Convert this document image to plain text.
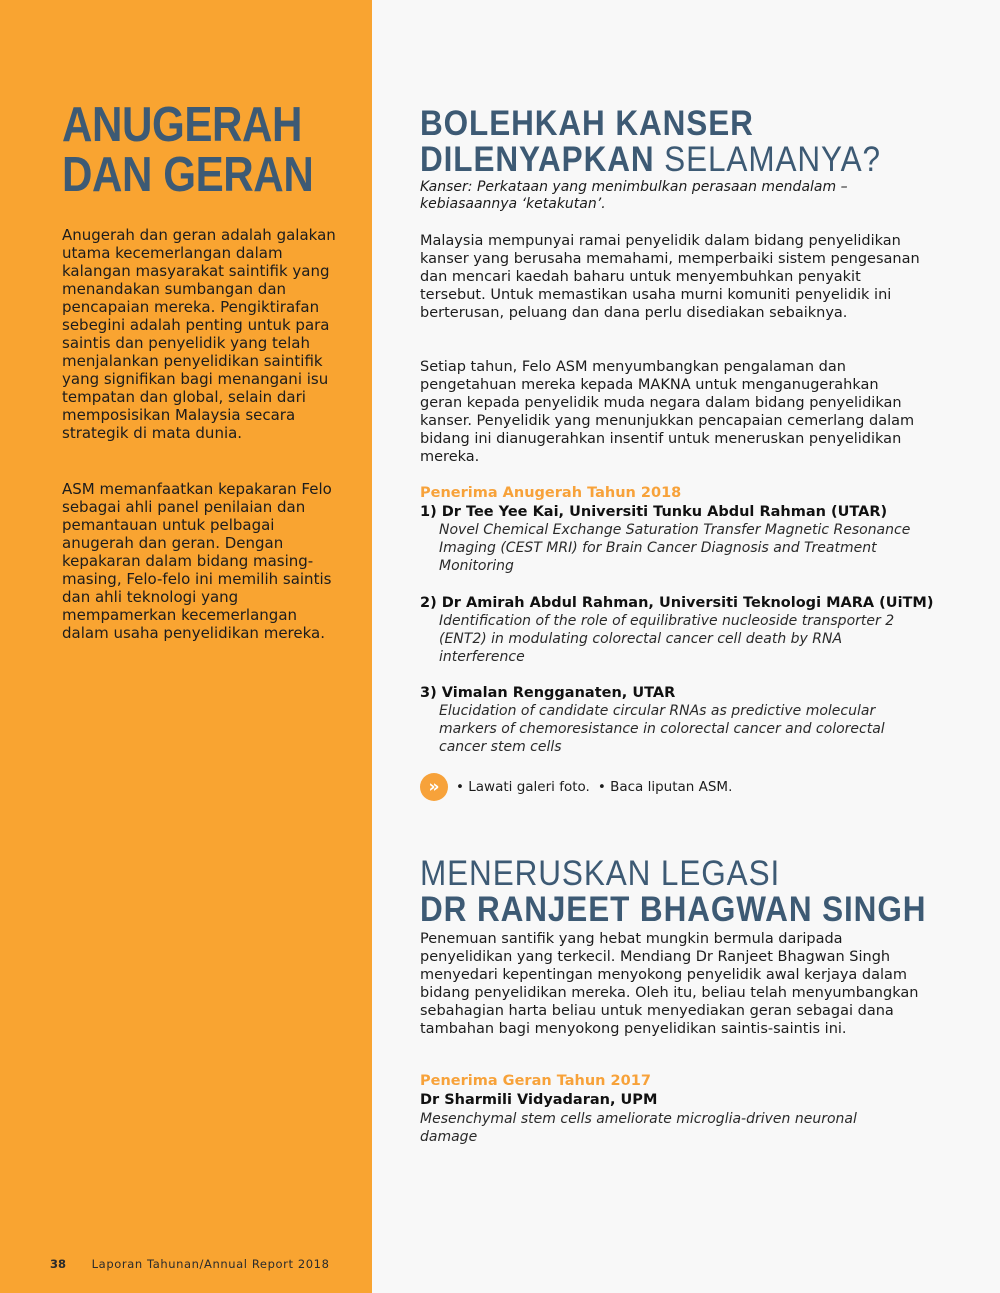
ANUGERAH
DAN GERAN

Anugerah dan geran adalah galakan utama kecemerlangan dalam kalangan masyarakat saintifik yang menandakan sumbangan dan pencapaian mereka. Pengiktirafan sebegini adalah penting untuk para saintis dan penyelidik yang telah menjalankan penyelidikan saintifik yang signifikan bagi menangani isu tempatan dan global, selain dari memposisikan Malaysia secara strategik di mata dunia.

ASM memanfaatkan kepakaran Felo sebagai ahli panel penilaian dan pemantauan untuk pelbagai anugerah dan geran. Dengan kepakaran dalam bidang masing-masing, Felo-felo ini memilih saintis dan ahli teknologi yang mempamerkan kecemerlangan dalam usaha penyelidikan mereka.

38 Laporan Tahunan/Annual Report 2018
BOLEHKAH KANSER
DILENYAPKAN SELAMANYA?

Kanser: Perkataan yang menimbulkan perasaan mendalam – kebiasaannya ‘ketakutan’.

Malaysia mempunyai ramai penyelidik dalam bidang penyelidikan kanser yang berusaha memahami, memperbaiki sistem pengesanan dan mencari kaedah baharu untuk menyembuhkan penyakit tersebut. Untuk memastikan usaha murni komuniti penyelidik ini berterusan, peluang dan dana perlu disediakan sebaiknya.

Setiap tahun, Felo ASM menyumbangkan pengalaman dan pengetahuan mereka kepada MAKNA untuk menganugerahkan geran kepada penyelidik muda negara dalam bidang penyelidikan kanser. Penyelidik yang menunjukkan pencapaian cemerlang dalam bidang ini dianugerahkan insentif untuk meneruskan penyelidikan mereka.

Penerima Anugerah Tahun 2018
1) Dr Tee Yee Kai, Universiti Tunku Abdul Rahman (UTAR)
Novel Chemical Exchange Saturation Transfer Magnetic Resonance Imaging (CEST MRI) for Brain Cancer Diagnosis and Treatment Monitoring
2) Dr Amirah Abdul Rahman, Universiti Teknologi MARA (UiTM)
Identification of the role of equilibrative nucleoside transporter 2 (ENT2) in modulating colorectal cancer cell death by RNA interference
3) Vimalan Rengganaten, UTAR
Elucidation of candidate circular RNAs as predictive molecular markers of chemoresistance in colorectal cancer and colorectal cancer stem cells
»	• Lawati galeri foto. • Baca liputan ASM.
MENERUSKAN LEGASI
DR RANJEET BHAGWAN SINGH

Penemuan santifik yang hebat mungkin bermula daripada penyelidikan yang terkecil. Mendiang Dr Ranjeet Bhagwan Singh menyedari kepentingan menyokong penyelidik awal kerjaya dalam bidang penyelidikan mereka. Oleh itu, beliau telah menyumbangkan sebahagian harta beliau untuk menyediakan geran sebagai dana tambahan bagi menyokong penyelidikan saintis-saintis ini.

Penerima Geran Tahun 2017
Dr Sharmili Vidyadaran, UPM
Mesenchymal stem cells ameliorate microglia-driven neuronal damage
